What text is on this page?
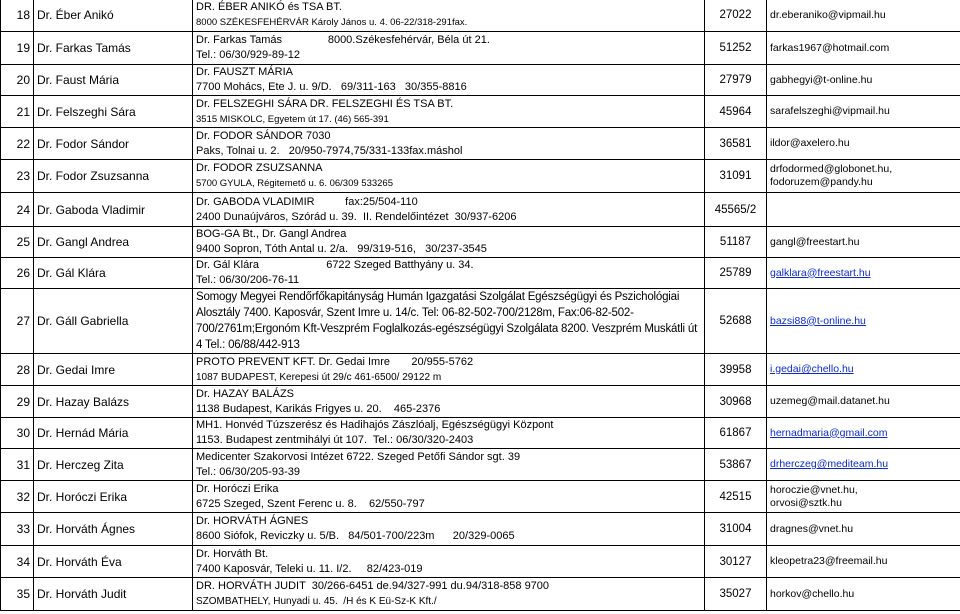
18	Dr. Éber Anikó	DR. ÉBER ANIKÓ és TSA BT.
8000 SZÉKESFEHÉRVÁR Károly János u. 4. 06-22/318-291fax.	27022	dr.eberaniko@vipmail.hu
19	Dr. Farkas Tamás	Dr. Farkas Tamás               8000.Székesfehérvár, Béla út 21.
Tel.: 06/30/929-89-12	51252	farkas1967@hotmail.com
20	Dr. Faust Mária	Dr. FAUSZT MÁRIA
7700 Mohács, Ete J. u. 9/D.   69/311-163   30/355-8816	27979	gabhegyi@t-online.hu
21	Dr. Felszeghi Sára	Dr. FELSZEGHI SÁRA DR. FELSZEGHI ÉS TSA BT.
3515 MISKOLC, Egyetem út 17. (46) 565-391	45964	sarafelszeghi@vipmail.hu
22	Dr. Fodor Sándor	Dr. FODOR SÁNDOR 7030
Paks, Tolnai u. 2.   20/950-7974,75/331-133fax.máshol	36581	ildor@axelero.hu
23	Dr. Fodor Zsuzsanna	Dr. FODOR ZSUZSANNA
5700 GYULA, Régitemető u. 6. 06/309 533265	31091	drfodormed@globonet.hu,
fodoruzem@pandy.hu

24	Dr. Gaboda Vladimir	Dr. GABODA VLADIMIR          fax:25/504-110
2400 Dunaújváros, Szórád u. 39.  II. Rendelőintézet  30/937-6206	45565/2	
25	Dr. Gangl Andrea	BOG-GA Bt., Dr. Gangl Andrea
9400 Sopron, Tóth Antal u. 2/a.   99/319-516,   30/237-3545	51187	gangl@freestart.hu
26	Dr. Gál Klára	Dr. Gál Klára                      6722 Szeged Batthyány u. 34.
Tel.: 06/30/206-76-11	25789	galklara@freestart.hu
27	Dr. Gáll Gabriella	Somogy Megyei Rendőrfőkapitányság Humán Igazgatási Szolgálat Egészségügyi és Pszichológiai Alosztály 7400. Kaposvár, Szent Imre u. 14/c. Tel: 06-82-502-700/2128m, Fax:06-82-502-700/2761m;Ergonóm Kft-Veszprém Foglalkozás-egészségügyi Szolgálata 8200. Veszprém Muskátli út 4 Tel.: 06/88/442-913	52688	bazsi88@t-online.hu
28	Dr. Gedai Imre	PROTO PREVENT KFT. Dr. Gedai Imre       20/955-5762
1087 BUDAPEST, Kerepesi út 29/c 461-6500/ 29122 m	39958	i.gedai@chello.hu
29	Dr. Hazay Balázs	Dr. HAZAY BALÁZS
1138 Budapest, Karikás Frigyes u. 20.    465-2376	30968	uzemeg@mail.datanet.hu
30	Dr. Hernád Mária	MH1. Honvéd Túzszerész és Hadihajós Zászlóalj, Egészségügyi Központ
1153. Budapest zentmihályi út 107.  Tel.: 06/30/320-2403	61867	hernadmaria@gmail.com
31	Dr. Herczeg Zita	Medicenter Szakorvosi Intézet 6722. Szeged Petőfi Sándor sgt. 39
Tel.: 06/30/205-93-39	53867	drherczeg@mediteam.hu
32	Dr. Horóczi Erika	Dr. Horóczi Erika
6725 Szeged, Szent Ferenc u. 8.    62/550-797	42515	horoczie@vnet.hu,
orvosi@sztk.hu

33	Dr. Horváth Ágnes	Dr. HORVÁTH ÁGNES
8600 Siófok, Reviczky u. 5/B.   84/501-700/223m      20/329-0065	31004	dragnes@vnet.hu
34	Dr. Horváth Éva	Dr. Horváth Bt.
7400 Kaposvár, Teleki u. 11. I/2.     82/423-019	30127	kleopetra23@freemail.hu
35	Dr. Horváth Judit	DR. HORVÁTH JUDIT  30/266-6451 de.94/327-991 du.94/318-858 9700
SZOMBATHELY, Hunyadi u. 45.  /H és K Eü-Sz-K Kft./	35027	horkov@chello.hu
